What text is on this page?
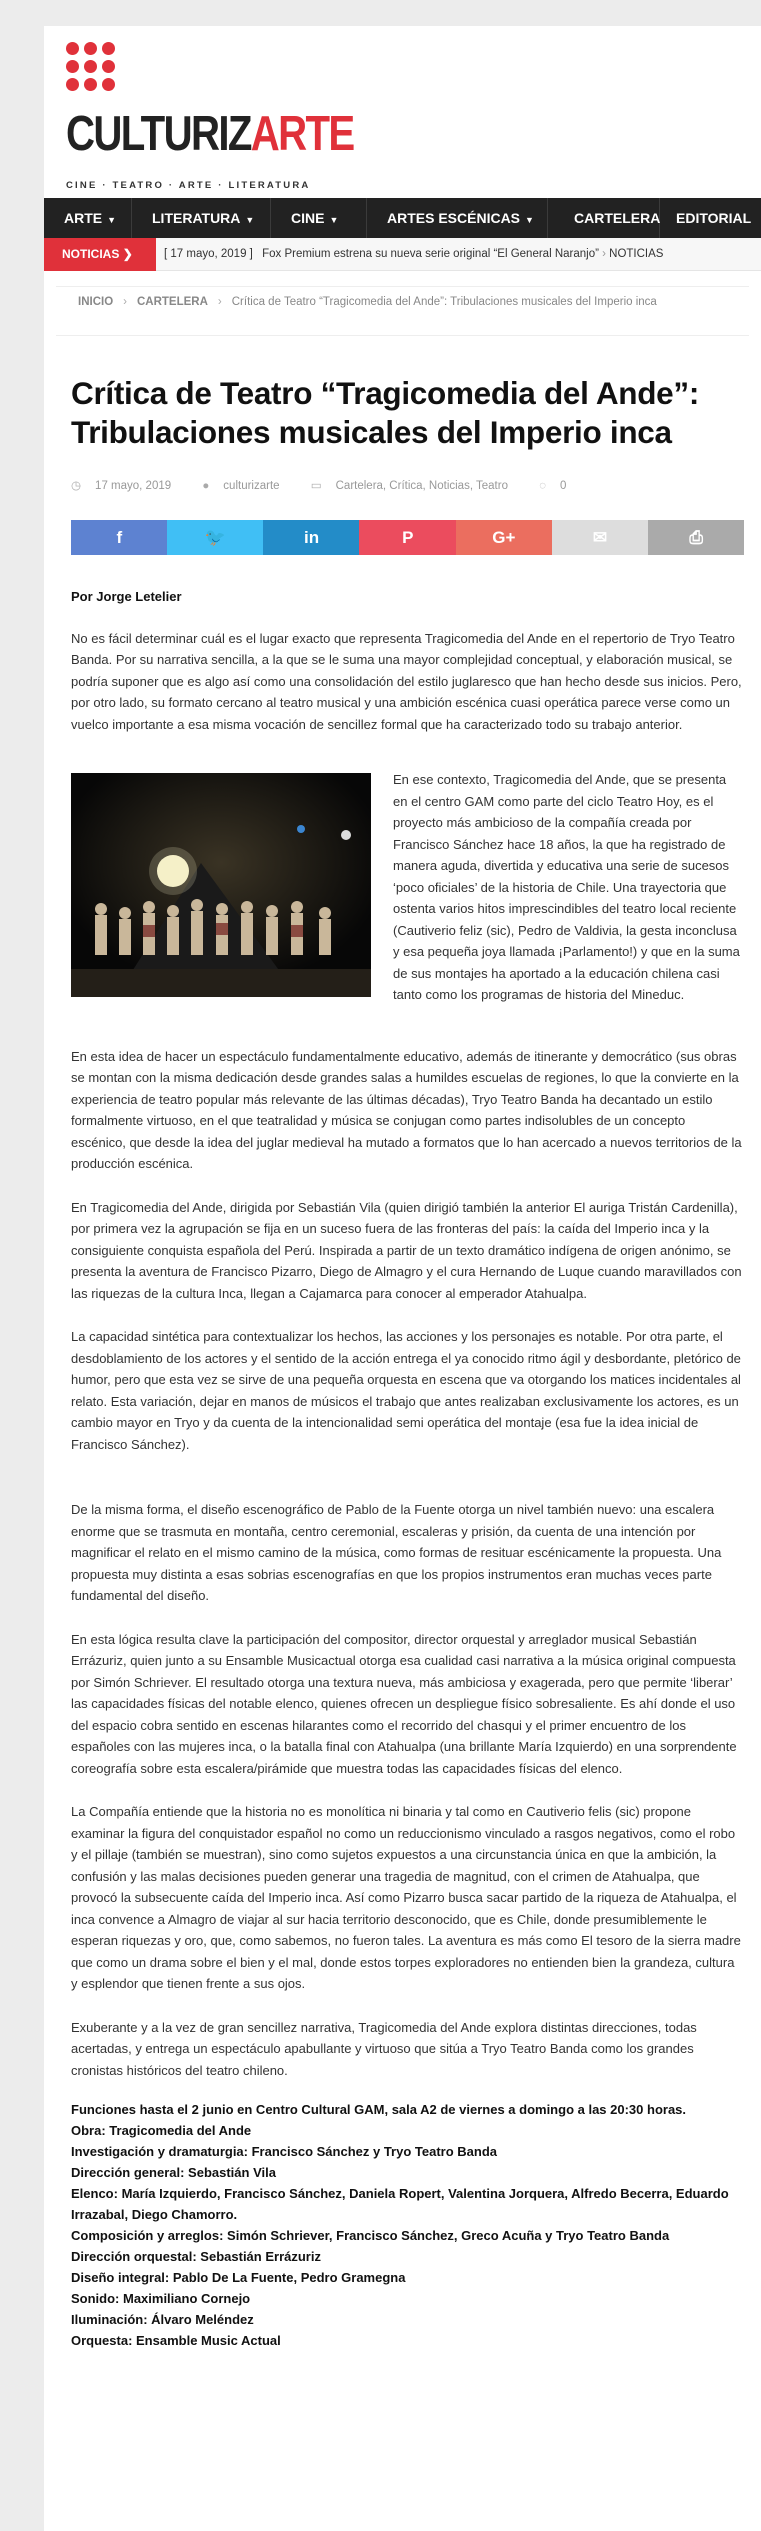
CULTURIZARTE
CINE · TEATRO · ARTE · LITERATURA
ARTE ▼	LITERATURA ▼	CINE ▼	ARTES ESCÉNICAS ▼	CARTELERA	EDITORIAL
NOTICIAS ❯	[ 17 mayo, 2019 ] Fox Premium estrena su nueva serie original “El General Naranjo” › NOTICIAS
INICIO › CARTELERA › Crítica de Teatro “Tragicomedia del Ande”: Tribulaciones musicales del Imperio inca
Crítica de Teatro “Tragicomedia del Ande”: Tribulaciones musicales del Imperio inca
◷ 17 mayo, 2019	● culturizarte	▭ Cartelera, Crítica, Noticias, Teatro	◌ 0
f	🐦	in	P	G+	✉	⎙

Por Jorge Letelier

No es fácil determinar cuál es el lugar exacto que representa Tragicomedia del Ande en el repertorio de Tryo Teatro Banda. Por su narrativa sencilla, a la que se le suma una mayor complejidad conceptual, y elaboración musical, se podría suponer que es algo así como una consolidación del estilo juglaresco que han hecho desde sus inicios. Pero, por otro lado, su formato cercano al teatro musical y una ambición escénica cuasi operática parece verse como un vuelco importante a esa misma vocación de sencillez formal que ha caracterizado todo su trabajo anterior.

En ese contexto, Tragicomedia del Ande, que se presenta en el centro GAM como parte del ciclo Teatro Hoy, es el proyecto más ambicioso de la compañía creada por Francisco Sánchez hace 18 años, la que ha registrado de manera aguda, divertida y educativa una serie de sucesos ‘poco oficiales’ de la historia de Chile. Una trayectoria que ostenta varios hitos imprescindibles del teatro local reciente (Cautiverio feliz (sic), Pedro de Valdivia, la gesta inconclusa y esa pequeña joya llamada ¡Parlamento!) y que en la suma de sus montajes ha aportado a la educación chilena casi tanto como los programas de historia del Mineduc.

En esta idea de hacer un espectáculo fundamentalmente educativo, además de itinerante y democrático (sus obras se montan con la misma dedicación desde grandes salas a humildes escuelas de regiones, lo que la convierte en la experiencia de teatro popular más relevante de las últimas décadas), Tryo Teatro Banda ha decantado un estilo formalmente virtuoso, en el que teatralidad y música se conjugan como partes indisolubles de un concepto escénico, que desde la idea del juglar medieval ha mutado a formatos que lo han acercado a nuevos territorios de la producción escénica.

En Tragicomedia del Ande, dirigida por Sebastián Vila (quien dirigió también la anterior El auriga Tristán Cardenilla), por primera vez la agrupación se fija en un suceso fuera de las fronteras del país: la caída del Imperio inca y la consiguiente conquista española del Perú. Inspirada a partir de un texto dramático indígena de origen anónimo, se presenta la aventura de Francisco Pizarro, Diego de Almagro y el cura Hernando de Luque cuando maravillados con las riquezas de la cultura Inca, llegan a Cajamarca para conocer al emperador Atahualpa.

La capacidad sintética para contextualizar los hechos, las acciones y los personajes es notable. Por otra parte, el desdoblamiento de los actores y el sentido de la acción entrega el ya conocido ritmo ágil y desbordante, pletórico de humor, pero que esta vez se sirve de una pequeña orquesta en escena que va otorgando los matices incidentales al relato. Esta variación, dejar en manos de músicos el trabajo que antes realizaban exclusivamente los actores, es un cambio mayor en Tryo y da cuenta de la intencionalidad semi operática del montaje (esa fue la idea inicial de Francisco Sánchez).

De la misma forma, el diseño escenográfico de Pablo de la Fuente otorga un nivel también nuevo: una escalera enorme que se trasmuta en montaña, centro ceremonial, escaleras y prisión, da cuenta de una intención por magnificar el relato en el mismo camino de la música, como formas de resituar escénicamente la propuesta. Una propuesta muy distinta a esas sobrias escenografías en que los propios instrumentos eran muchas veces parte fundamental del diseño.

En esta lógica resulta clave la participación del compositor, director orquestal y arreglador musical Sebastián Errázuriz, quien junto a su Ensamble Musicactual otorga esa cualidad casi narrativa a la música original compuesta por Simón Schriever. El resultado otorga una textura nueva, más ambiciosa y exagerada, pero que permite ‘liberar’ las capacidades físicas del notable elenco, quienes ofrecen un despliegue físico sobresaliente. Es ahí donde el uso del espacio cobra sentido en escenas hilarantes como el recorrido del chasqui y el primer encuentro de los españoles con las mujeres inca, o la batalla final con Atahualpa (una brillante María Izquierdo) en una sorprendente coreografía sobre esta escalera/pirámide que muestra todas las capacidades físicas del elenco.

La Compañía entiende que la historia no es monolítica ni binaria y tal como en Cautiverio felis (sic) propone examinar la figura del conquistador español no como un reduccionismo vinculado a rasgos negativos, como el robo y el pillaje (también se muestran), sino como sujetos expuestos a una circunstancia única en que la ambición, la confusión y las malas decisiones pueden generar una tragedia de magnitud, con el crimen de Atahualpa, que provocó la subsecuente caída del Imperio inca. Así como Pizarro busca sacar partido de la riqueza de Atahualpa, el inca convence a Almagro de viajar al sur hacia territorio desconocido, que es Chile, donde presumiblemente le esperan riquezas y oro, que, como sabemos, no fueron tales. La aventura es más como El tesoro de la sierra madre que como un drama sobre el bien y el mal, donde estos torpes exploradores no entienden bien la grandeza, cultura y esplendor que tienen frente a sus ojos.

Exuberante y a la vez de gran sencillez narrativa, Tragicomedia del Ande explora distintas direcciones, todas acertadas, y entrega un espectáculo apabullante y virtuoso que sitúa a Tryo Teatro Banda como los grandes cronistas históricos del teatro chileno.

Funciones hasta el 2 junio en Centro Cultural GAM, sala A2 de viernes a domingo a las 20:30 horas.

Obra: Tragicomedia del Ande

Investigación y dramaturgia: Francisco Sánchez y Tryo Teatro Banda

Dirección general: Sebastián Vila

Elenco: María Izquierdo, Francisco Sánchez, Daniela Ropert, Valentina Jorquera, Alfredo Becerra, Eduardo Irrazabal, Diego Chamorro.

Composición y arreglos: Simón Schriever, Francisco Sánchez, Greco Acuña y Tryo Teatro Banda

Dirección orquestal: Sebastián Errázuriz

Diseño integral: Pablo De La Fuente, Pedro Gramegna

Sonido: Maximiliano Cornejo

Iluminación: Álvaro Meléndez

Orquesta: Ensamble Music Actual
